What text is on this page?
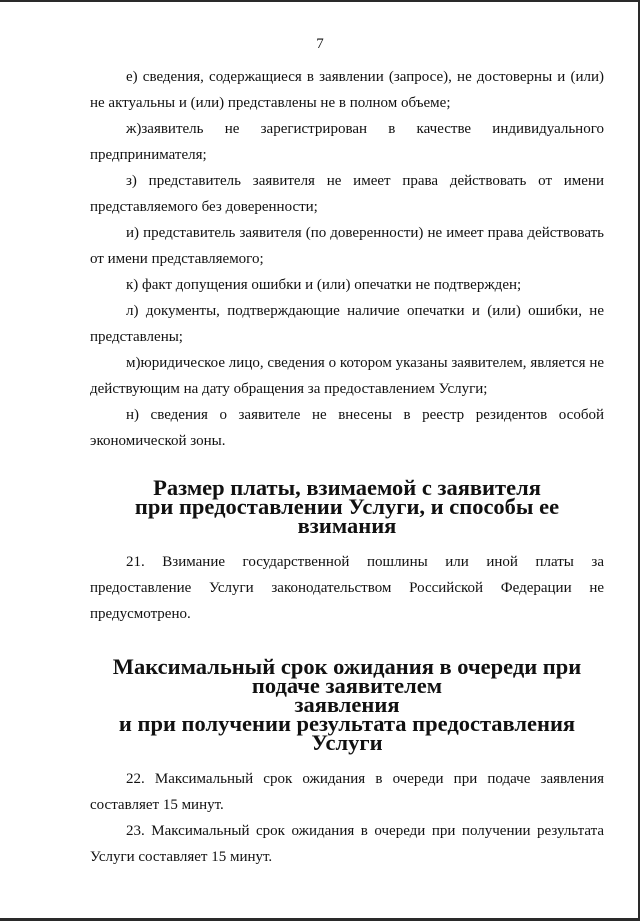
7

е) сведения, содержащиеся в заявлении (запросе), не достоверны и (или) не актуальны и (или) представлены не в полном объеме;

ж)заявитель не зарегистрирован в качестве индивидуального предпринимателя;

з) представитель заявителя не имеет права действовать от имени представляемого без доверенности;

и) представитель заявителя (по доверенности) не имеет права действовать от имени представляемого;

к) факт допущения ошибки и (или) опечатки не подтвержден;

л) документы, подтверждающие наличие опечатки и (или) ошибки, не представлены;

м)юридическое лицо, сведения о котором указаны заявителем, является не действующим на дату обращения за предоставлением Услуги;

н) сведения о заявителе не внесены в реестр резидентов особой экономической зоны.

Размер платы, взимаемой с заявителя
при предоставлении Услуги, и способы ее взимания

21. Взимание государственной пошлины или иной платы за предоставление Услуги законодательством Российской Федерации не предусмотрено.

Максимальный срок ожидания в очереди при подаче заявителем
заявления
и при получении результата предоставления Услуги

22. Максимальный срок ожидания в очереди при подаче заявления составляет 15 минут.

23. Максимальный срок ожидания в очереди при получении результата Услуги составляет 15 минут.
